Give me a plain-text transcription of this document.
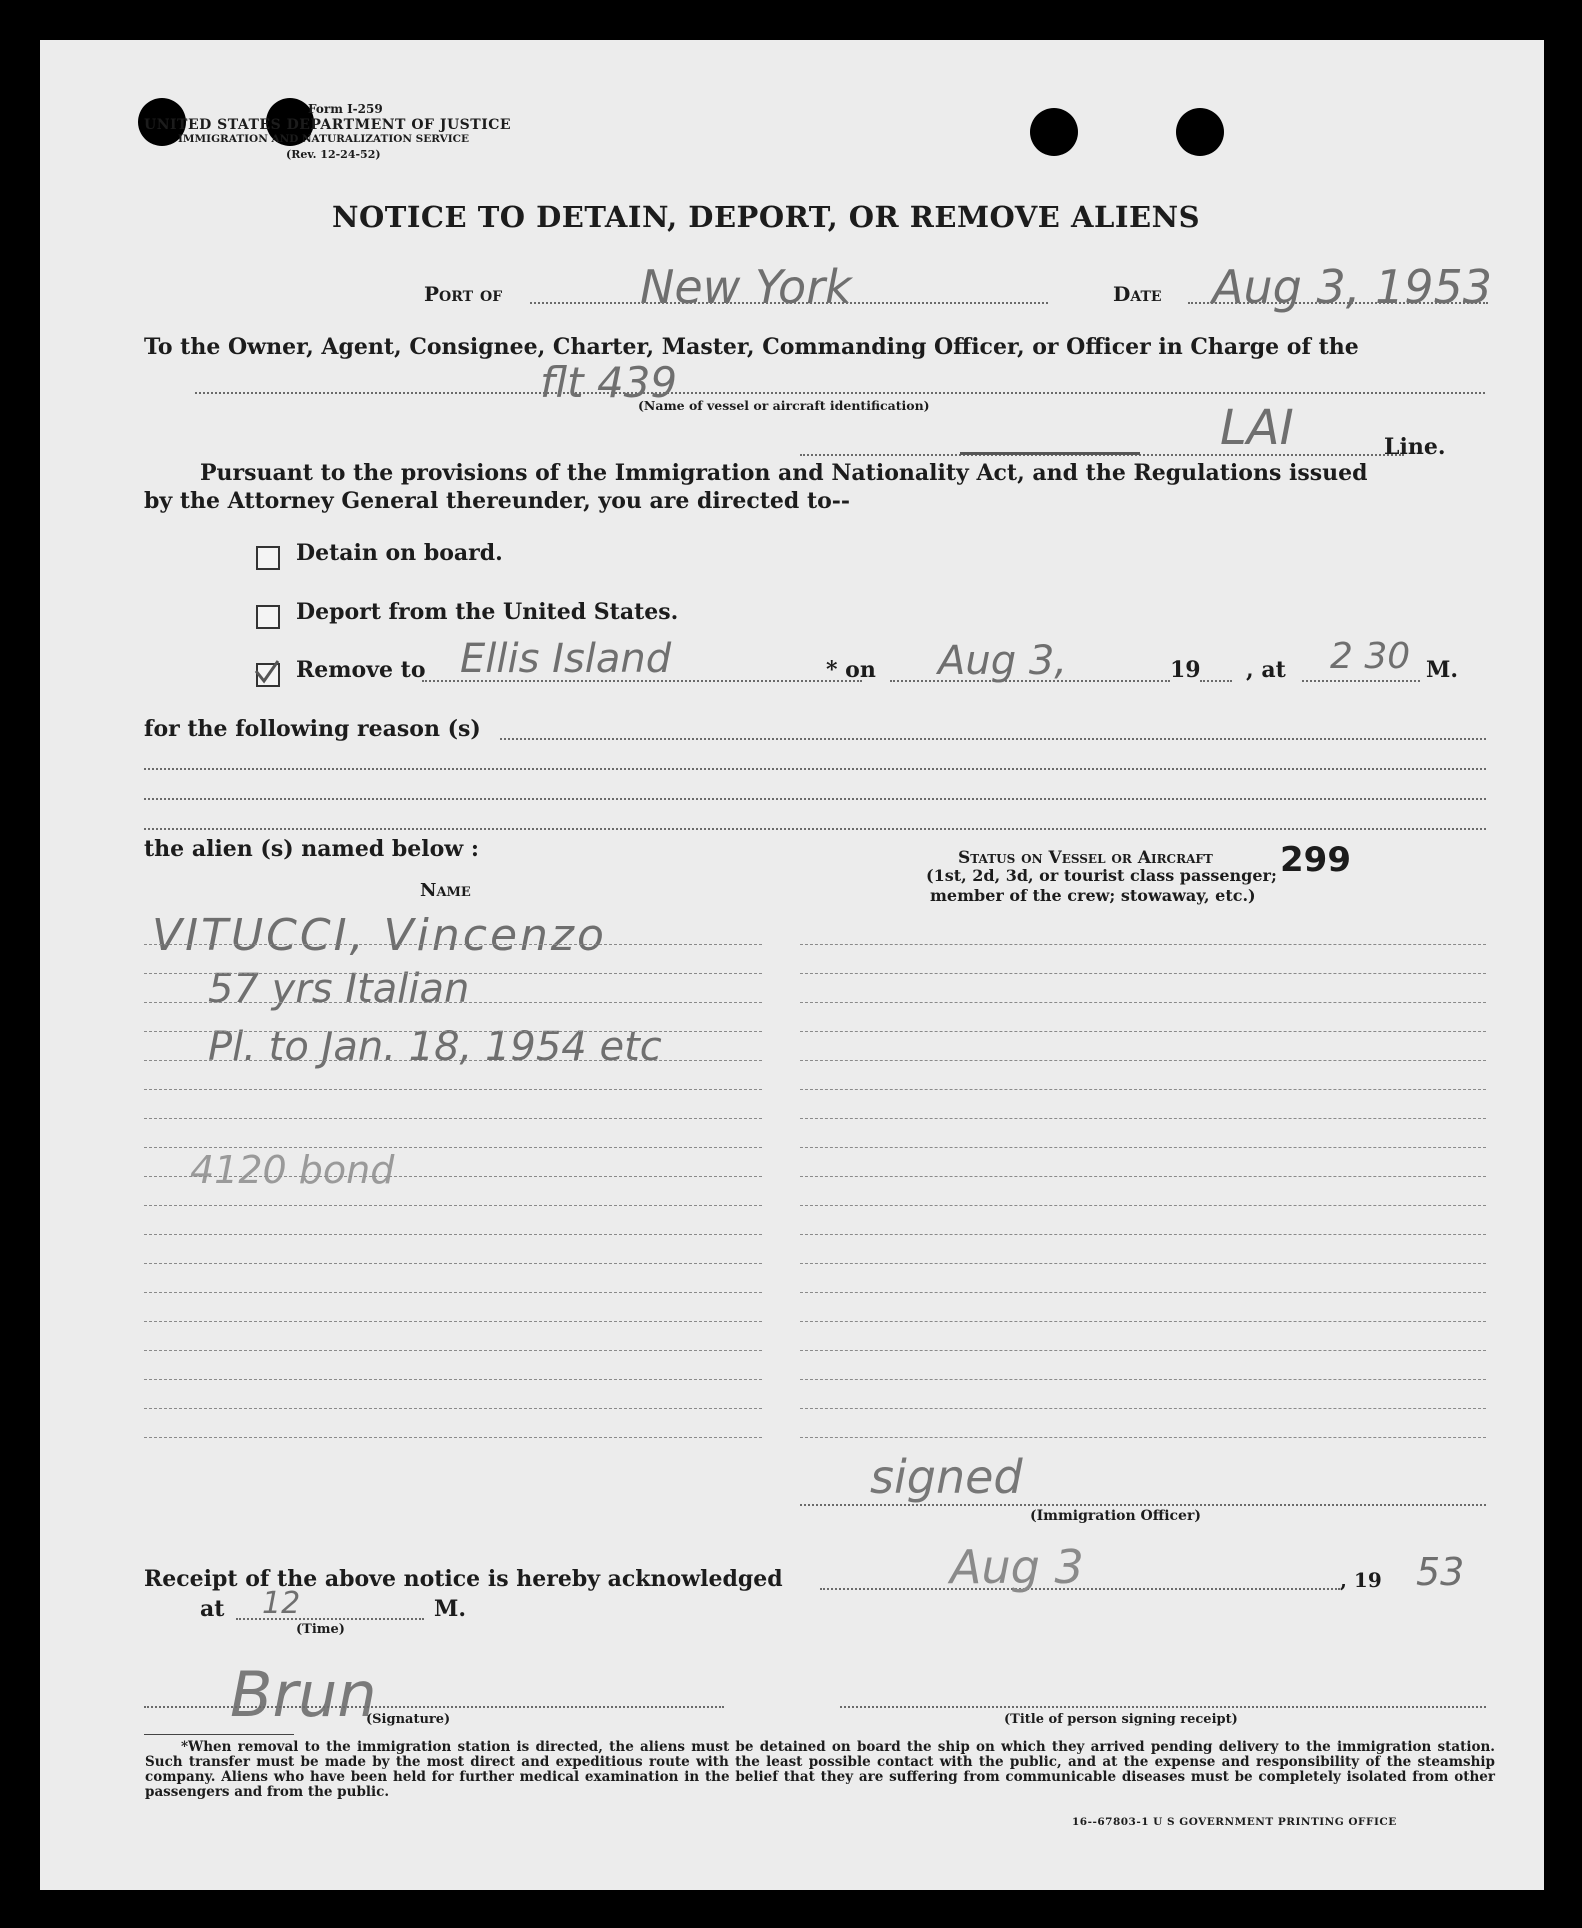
Form I-259
UNITED STATES DEPARTMENT OF JUSTICE
IMMIGRATION AND NATURALIZATION SERVICE
(Rev. 12-24-52)
NOTICE TO DETAIN, DEPORT, OR REMOVE ALIENS
Port of	New York	Date Aug 3, 1953
To the Owner, Agent, Consignee, Charter, Master, Commanding Officer, or Officer in Charge of the
flt 439
(Name of vessel or aircraft identification)	LAI	Line.
Pursuant to the provisions of the Immigration and Nationality Act, and the Regulations issued
by the Attorney General thereunder, you are directed to--
Detain on board.
Deport from the United States.
Remove to Ellis Island	* on Aug 3,	19 , at 2 30 M.
for the following reason (s)
the alien (s) named below :
Name
Status on Vessel or Aircraft 299
(1st, 2d, 3d, or tourist class passenger;
member of the crew; stowaway, etc.)
VITUCCI, Vincenzo
57 yrs Italian
Pl. to Jan. 18, 1954 etc
4120 bond
signed
(Immigration Officer)
Receipt of the above notice is hereby acknowledged	Aug 3	, 19 53
at 12	M.
(Time)
Brun
(Signature)	(Title of person signing receipt)
*When removal to the immigration station is directed, the aliens must be detained on board the ship on which they arrived pending delivery to the immigration station. Such transfer must be made by the most direct and expeditious route with the least possible contact with the public, and at the expense and responsibility of the steamship company. Aliens who have been held for further medical examination in the belief that they are suffering from communicable diseases must be completely isolated from other passengers and from the public.
16--67803-1 U S GOVERNMENT PRINTING OFFICE
